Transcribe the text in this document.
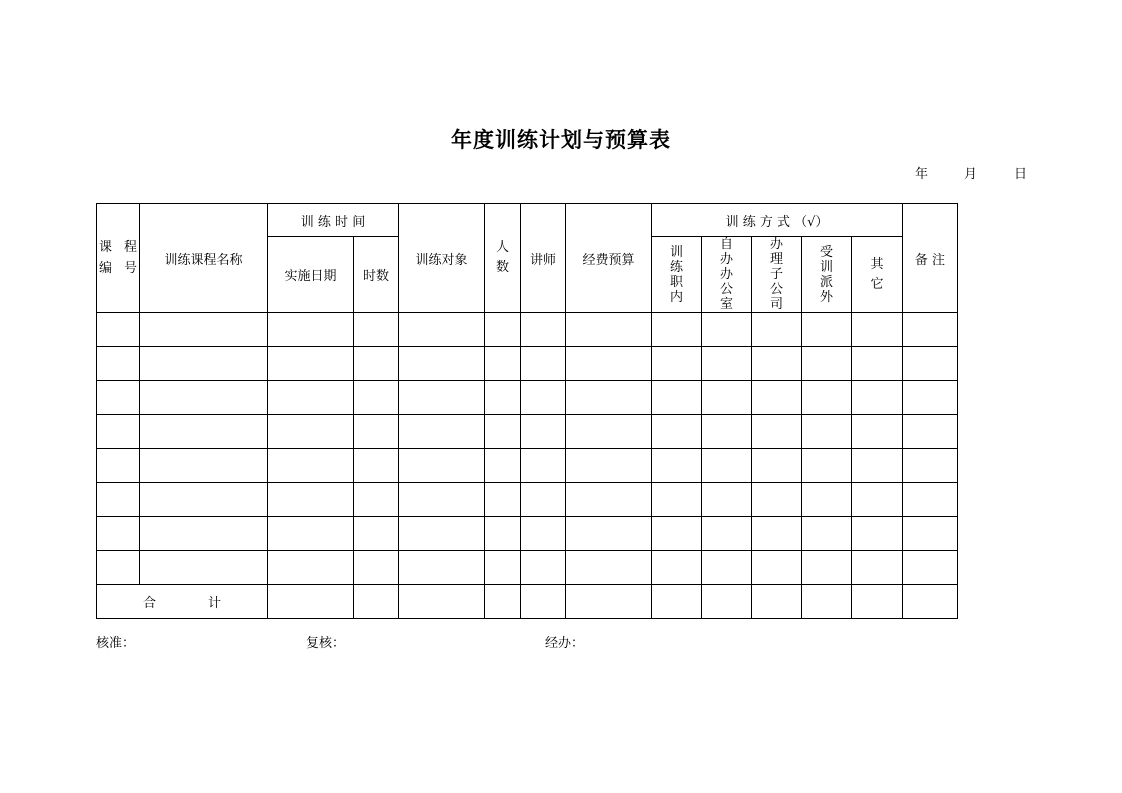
年度训练计划与预算表
年	月	日
课 程
编 号	训练课程名称	训 练 时 间		训练对象	人数	讲师	经费预算	训 练 方 式 （√）					备 注
		实施日期	时数					训练职内	自办办公室	办理子公司	受训派外	其它	

合 计													
核准：	复核：	经办：
